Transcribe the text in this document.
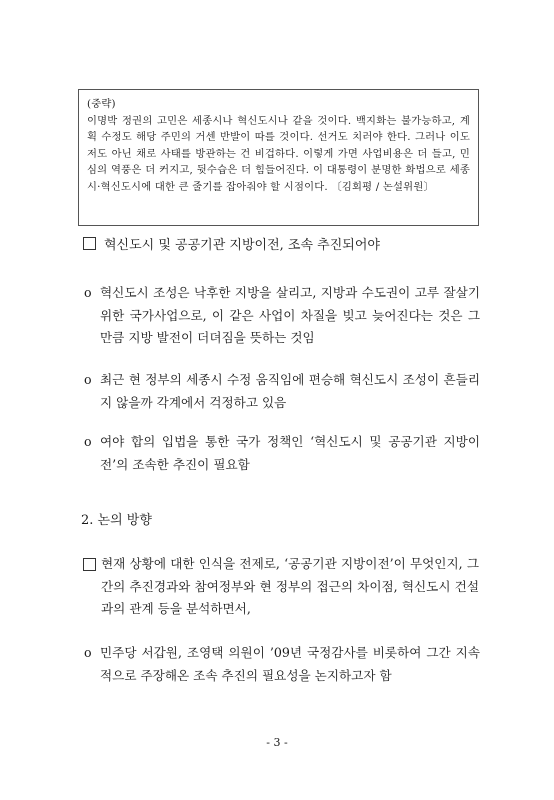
(중략)

이명박 정권의 고민은 세종시나 혁신도시나 같을 것이다. 백지화는 불가능하고, 계획 수정도 해당 주민의 거센 반발이 따를 것이다. 선거도 치러야 한다. 그러나 이도저도 아닌 채로 사태를 방관하는 건 비겁하다. 이렇게 가면 사업비용은 더 들고, 민심의 역풍은 더 커지고, 뒷수습은 더 힘들어진다. 이 대통령이 분명한 화법으로 세종시·혁신도시에 대한 큰 줄기를 잡아줘야 할 시점이다. 〔김회평 / 논설위원〕

혁신도시 및 공공기관 지방이전, 조속 추진되어야
o 혁신도시 조성은 낙후한 지방을 살리고, 지방과 수도권이 고루 잘살기 위한 국가사업으로, 이 같은 사업이 차질을 빚고 늦어진다는 것은 그만큼 지방 발전이 더뎌짐을 뜻하는 것임
o 최근 현 정부의 세종시 수정 움직임에 편승해 혁신도시 조성이 흔들리지 않을까 각계에서 걱정하고 있음
o 여야 합의 입법을 통한 국가 정책인 ‘혁신도시 및 공공기관 지방이전’의 조속한 추진이 필요함
2. 논의 방향
현재 상황에 대한 인식을 전제로, ‘공공기관 지방이전’이 무엇인지, 그간의 추진경과와 참여정부와 현 정부의 접근의 차이점, 혁신도시 건설과의 관계 등을 분석하면서,
o 민주당 서갑원, 조영택 의원이 ’09년 국정감사를 비롯하여 그간 지속적으로 주장해온 조속 추진의 필요성을 논지하고자 함
- 3 -
